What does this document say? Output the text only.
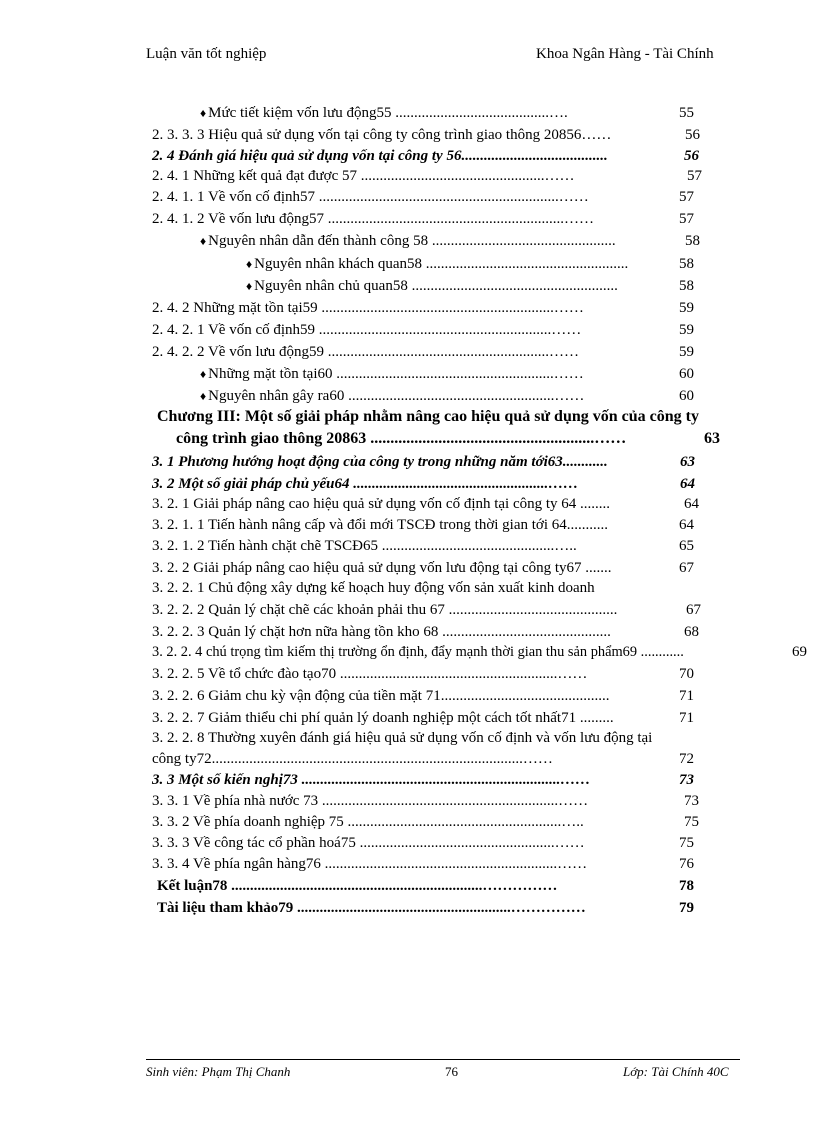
Luận văn tốt nghiệp	Khoa Ngân Hàng - Tài Chính
♦ Mức tiết kiệm vốn lưu động55 .........................................….	55
2. 3. 3. 3 Hiệu quả sử dụng vốn tại công ty công trình giao thông 20856……	56
2. 4 Đánh giá hiệu quả sử dụng vốn tại công ty 56.......................................	56
2. 4. 1 Những kết quả đạt được 57 .................................................……	57
2. 4. 1. 1 Về vốn cố định57 ................................................................……	57
2. 4. 1. 2 Về vốn lưu động57 ...............................................................……	57
♦ Nguyên nhân dẫn đến thành công 58 .................................................	58
♦ Nguyên nhân khách quan58 ......................................................	58
♦ Nguyên nhân chủ quan58 .......................................................	58
2. 4. 2 Những mặt tồn tại59 ..............................................................……	59
2. 4. 2. 1 Về vốn cố định59 ..............................................................……	59
2. 4. 2. 2 Về vốn lưu động59 ...........................................................……	59
♦ Những mặt tồn tại60 ..........................................................……	60
♦ Nguyên nhân gây ra60 .......................................................……	60
Chương III: Một số giải pháp nhằm nâng cao hiệu quả sử dụng vốn của công ty
công trình giao thông 20863 ........................................................……	63
3. 1 Phương hướng hoạt động của công ty trong những năm tới63............	63
3. 2 Một số giải pháp chủ yếu64 ....................................................……	64
3. 2. 1 Giải pháp nâng cao hiệu quả sử dụng vốn cố định tại công ty 64 ........	64
3. 2. 1. 1 Tiến hành nâng cấp và đổi mới TSCĐ trong thời gian tới 64...........	64
3. 2. 1. 2 Tiến hành chặt chẽ TSCĐ65 ..............................................…..	65
3. 2. 2 Giải pháp nâng cao hiệu quả sử dụng vốn lưu động tại công ty67 .......	67
3. 2. 2. 1 Chủ động xây dựng kế hoạch huy động vốn sản xuất kinh doanh
3. 2. 2. 2 Quản lý chặt chẽ các khoản phải thu 67 .............................................	67
3. 2. 2. 3 Quản lý chặt hơn nữa hàng tồn kho 68 .............................................	68
3. 2. 2. 4 chú trọng tìm kiếm thị trường ổn định, đẩy mạnh thời gian thu sản phẩm69 ............	69
3. 2. 2. 5 Về tổ chức đào tạo70 ..........................................................……	70
3. 2. 2. 6 Giảm chu kỳ vận động của tiền mặt 71.............................................	71
3. 2. 2. 7 Giảm thiểu chi phí quản lý doanh nghiệp một cách tốt nhất71 .........	71
3. 2. 2. 8 Thường xuyên đánh giá hiệu quả sử dụng vốn cố định và vốn lưu động tại
công ty72...................................................................................……	72
3. 3 Một số kiến nghị73 .....................................................................……	73
3. 3. 1 Về phía nhà nước 73 ...............................................................……	73
3. 3. 2 Về phía doanh nghiệp 75 .........................................................…..	75
3. 3. 3 Về công tác cổ phần hoá75 ....................................................……	75
3. 3. 4 Về phía ngân hàng76 ..............................................................……	76
Kết luận78 ...................................................................……………	78
Tài liệu tham khảo79 .........................................................……………	79
Sinh viên: Phạm Thị Chanh	76	Lớp: Tài Chính 40C
